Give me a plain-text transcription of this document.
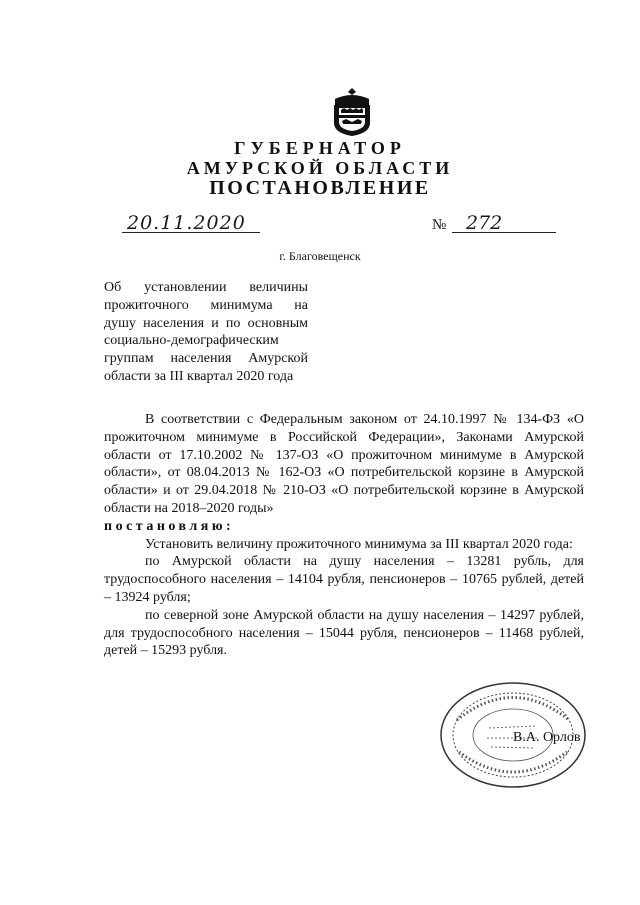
ГУБЕРНАТОР
АМУРСКОЙ ОБЛАСТИ
ПОСТАНОВЛЕНИЕ
20.11.2020	№ 272
г. Благовещенск
Об установлении величины
прожиточного минимума на
душу населения и по основным
социально-демографическим
группам населения Амурской
области за III квартал 2020 года
В соответствии с Федеральным законом от 24.10.1997 № 134-ФЗ «О прожиточном минимуме в Российской Федерации», Законами Амурской области от 17.10.2002 № 137-ОЗ «О прожиточном минимуме в Амурской области», от 08.04.2013 № 162-ОЗ «О потребительской корзине в Амурской области» и от 29.04.2018 № 210-ОЗ «О потребительской корзине в Амурской области на 2018–2020 годы»
постановляю:
Установить величину прожиточного минимума за III квартал 2020 года:
по Амурской области на душу населения – 13281 рубль, для трудоспособного населения – 14104 рубля, пенсионеров – 10765 рублей, детей – 13924 рубля;
по северной зоне Амурской области на душу населения – 14297 рублей, для трудоспособного населения – 15044 рубля, пенсионеров – 11468 рублей, детей – 15293 рубля.
В.А. Орлов
